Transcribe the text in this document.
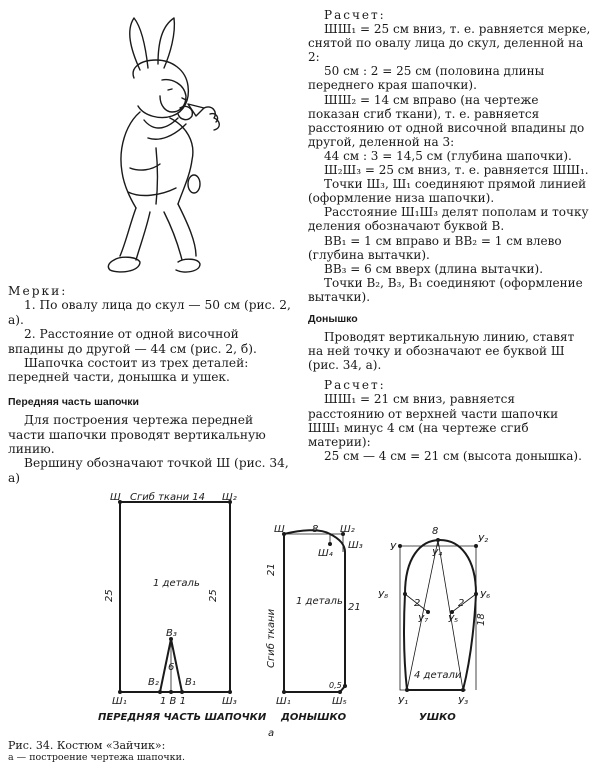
Мерки:

1. По овалу лица до скул — 50 см (рис. 2, а).

2. Расстояние от одной височной впадины до другой — 44 см (рис. 2, б).

Шапочка состоит из трех деталей: передней части, донышка и ушек.

Передняя часть шапочки

Для построения чертежа передней части шапочки проводят вертикальную линию.

Вершину обозначают точкой Ш (рис. 34, а)

Расчет:

ШШ₁ = 25 см вниз, т. е. равняется мерке, снятой по овалу лица до скул, деленной на 2:

50 см : 2 = 25 см (половина длины переднего края шапочки).

ШШ₂ = 14 см вправо (на чертеже показан сгиб ткани), т. е. равняется расстоянию от одной височной впадины до другой, деленной на 3:

44 см : 3 = 14,5 см (глубина шапочки).

Ш₂Ш₃ = 25 см вниз, т. е. равняется ШШ₁.

Точки Ш₃, Ш₁ соединяют прямой линией (оформление низа шапочки).

Расстояние Ш₁Ш₃ делят пополам и точку деления обозначают буквой В.

ВВ₁ = 1 см вправо и ВВ₂ = 1 см влево (глубина вытачки).

ВВ₃ = 6 см вверх (длина вытачки).

Точки В₂, В₃, В₁ соединяют (оформление вытачки).

Донышко

Проводят вертикальную линию, ставят на ней точку и обозначают ее буквой Ш (рис. 34, а).

Расчет:

ШШ₁ = 21 см вниз, равняется расстоянию от верхней части шапочки ШШ₁ минус 4 см (на чертеже сгиб материи):

25 см — 4 см = 21 см (высота донышка).

Ш Сгиб ткани 14 Ш₂
25	25
1 деталь
В₃
В₂	В₁
6
Ш₁	1 В 1	Ш₃
ПЕРЕДНЯЯ ЧАСТЬ ШАПОЧКИ
Ш	8 Ш₂
Ш₃
Ш₄
21
Сгиб ткани
1 деталь
21
0,5
Ш₁	Ш₅
ДОНЫШКО
а
У
8
У₄
У₂
У₈	У₆
2	2
У₇ У₅ 18
4 детали
У₁	У₃
УШКО
Рис. 34. Костюм «Зайчик»:
а — построение чертежа шапочки.
